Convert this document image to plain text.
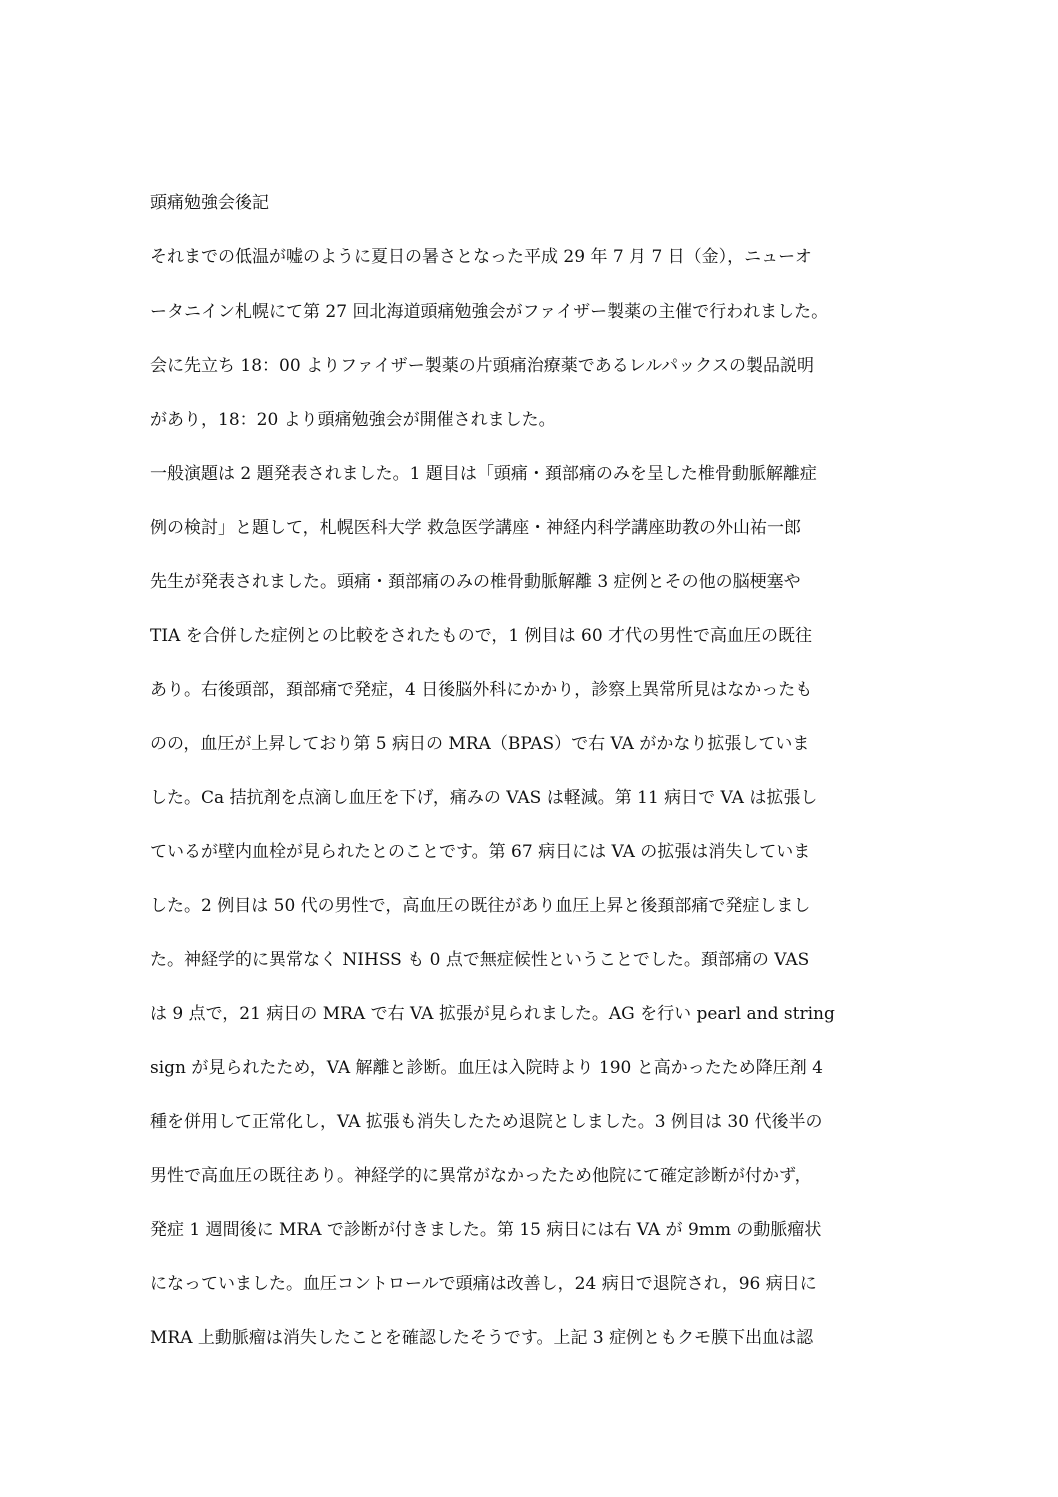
頭痛勉強会後記
それまでの低温が嘘のように夏日の暑さとなった平成 29 年 7 月 7 日（金），ニューオ
ータニイン札幌にて第 27 回北海道頭痛勉強会がファイザー製薬の主催で行われました。
会に先立ち 18：00 よりファイザー製薬の片頭痛治療薬であるレルパックスの製品説明
があり，18：20 より頭痛勉強会が開催されました。
一般演題は 2 題発表されました。1 題目は「頭痛・頚部痛のみを呈した椎骨動脈解離症
例の検討」と題して，札幌医科大学 救急医学講座・神経内科学講座助教の外山祐一郎
先生が発表されました。頭痛・頚部痛のみの椎骨動脈解離 3 症例とその他の脳梗塞や
TIA を合併した症例との比較をされたもので，1 例目は 60 才代の男性で高血圧の既往
あり。右後頭部，頚部痛で発症，4 日後脳外科にかかり，診察上異常所見はなかったも
のの，血圧が上昇しており第 5 病日の MRA（BPAS）で右 VA がかなり拡張していま
した。Ca 拮抗剤を点滴し血圧を下げ，痛みの VAS は軽減。第 11 病日で VA は拡張し
ているが壁内血栓が見られたとのことです。第 67 病日には VA の拡張は消失していま
した。2 例目は 50 代の男性で，高血圧の既往があり血圧上昇と後頚部痛で発症しまし
た。神経学的に異常なく NIHSS も 0 点で無症候性ということでした。頚部痛の VAS
は 9 点で，21 病日の MRA で右 VA 拡張が見られました。AG を行い pearl and string
sign が見られたため，VA 解離と診断。血圧は入院時より 190 と高かったため降圧剤 4
種を併用して正常化し，VA 拡張も消失したため退院としました。3 例目は 30 代後半の
男性で高血圧の既往あり。神経学的に異常がなかったため他院にて確定診断が付かず，
発症 1 週間後に MRA で診断が付きました。第 15 病日には右 VA が 9mm の動脈瘤状
になっていました。血圧コントロールで頭痛は改善し，24 病日で退院され，96 病日に
MRA 上動脈瘤は消失したことを確認したそうです。上記 3 症例ともクモ膜下出血は認
